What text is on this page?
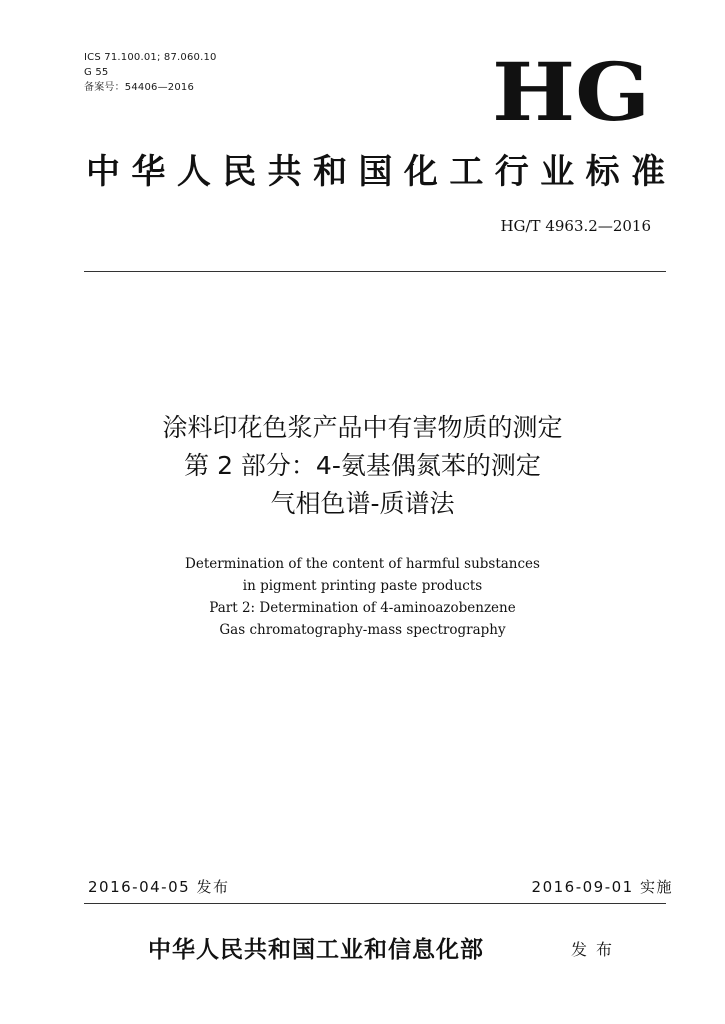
ICS 71.100.01; 87.060.10
G 55
备案号：54406—2016	HG
中华人民共和国化工行业标准
HG/T 4963.2—2016
涂料印花色浆产品中有害物质的测定
第 2 部分：4-氨基偶氮苯的测定
气相色谱-质谱法
Determination of the content of harmful substances
in pigment printing paste products
Part 2: Determination of 4-aminoazobenzene
Gas chromatography-mass spectrography
2016-04-05 发布	2016-09-01 实施
中华人民共和国工业和信息化部	发布
